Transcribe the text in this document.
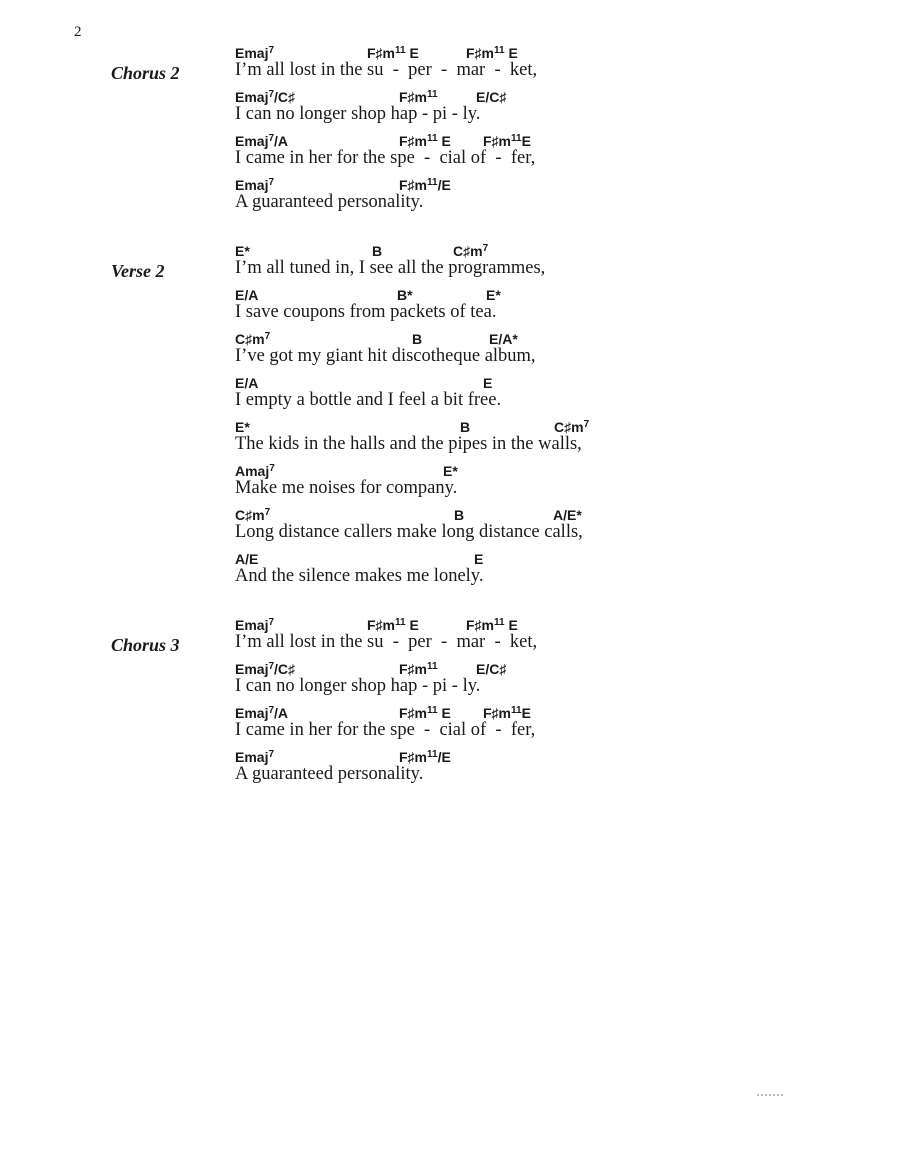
2
Chorus 2
Emaj$^7$	$F♯m^{11}$ E	$F♯m^{11}$ E
I’m all lost in the su  -  per  -  mar  -  ket,
Emaj$^7$/C♯	$F♯m^{11}$	E/C♯
I can no longer shop hap - pi - ly.
Emaj$^7$/A	$F♯m^{11}$ E $F♯m^{11}E$
I came in her for the spe  -  cial of  -  fer,
Emaj$^7$	$F♯m^{11}/E$
A guaranteed personality.
Verse 2
E*	B	$C♯m^7$
I’m all tuned in, I see all the programmes,
E/A	B*	E*
I save coupons from packets of tea.
$C♯m^7$	B	E/A*
I’ve got my giant hit discotheque album,
E/A	E
I empty a bottle and I feel a bit free.
E*	B	$C♯m^7$
The kids in the halls and the pipes in the walls,
Amaj$^7$	E*
Make me noises for company.
$C♯m^7$	B	A/E*
Long distance callers make long distance calls,
A/E	E
And the silence makes me lonely.
Chorus 3
Emaj$^7$	$F♯m^{11}$ E	$F♯m^{11}$ E
I’m all lost in the su  -  per  -  mar  -  ket,
Emaj$^7$/C♯	$F♯m^{11}$	E/C♯
I can no longer shop hap - pi - ly.
Emaj$^7$/A	$F♯m^{11}$ E $F♯m^{11}E$
I came in her for the spe  -  cial of  -  fer,
Emaj$^7$	$F♯m^{11}/E$
A guaranteed personality.
